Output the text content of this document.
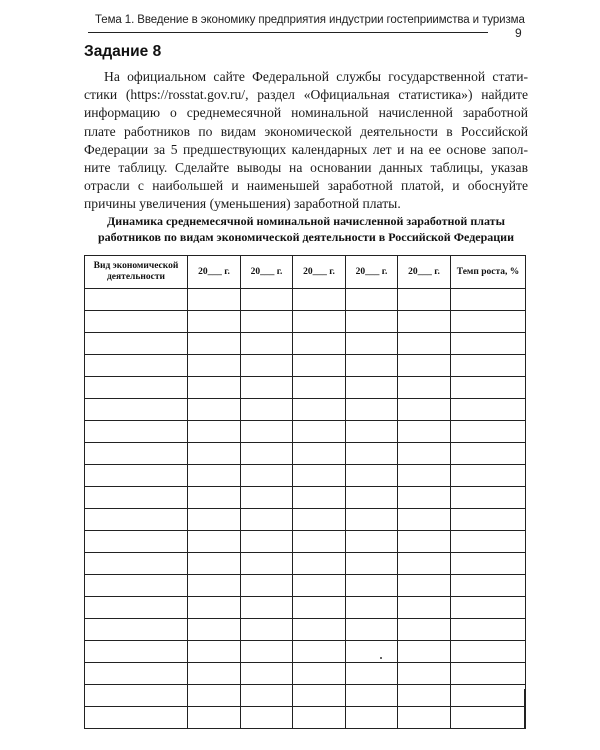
Тема 1. Введение в экономику предприятия индустрии гостеприимства и туризма
9
Задание 8
На официальном сайте Федеральной службы государственной стати-
стики (https://rosstat.gov.ru/, раздел «Официальная статистика») найдите
информацию о среднемесячной номинальной начисленной заработной
плате работников по видам экономической деятельности в Российской
Федерации за 5 предшествующих календарных лет и на ее основе запол-
ните таблицу. Сделайте выводы на основании данных таблицы, указав
отрасли с наибольшей и наименьшей заработной платой, и обоснуйте
причины увеличения (уменьшения) заработной платы.
Динамика среднемесячной номинальной начисленной заработной платы
работников по видам экономической деятельности в Российской Федерации
Вид экономической деятельности	20___ г.	20___ г.	20___ г.	20___ г.	20___ г.	Темп роста, %
